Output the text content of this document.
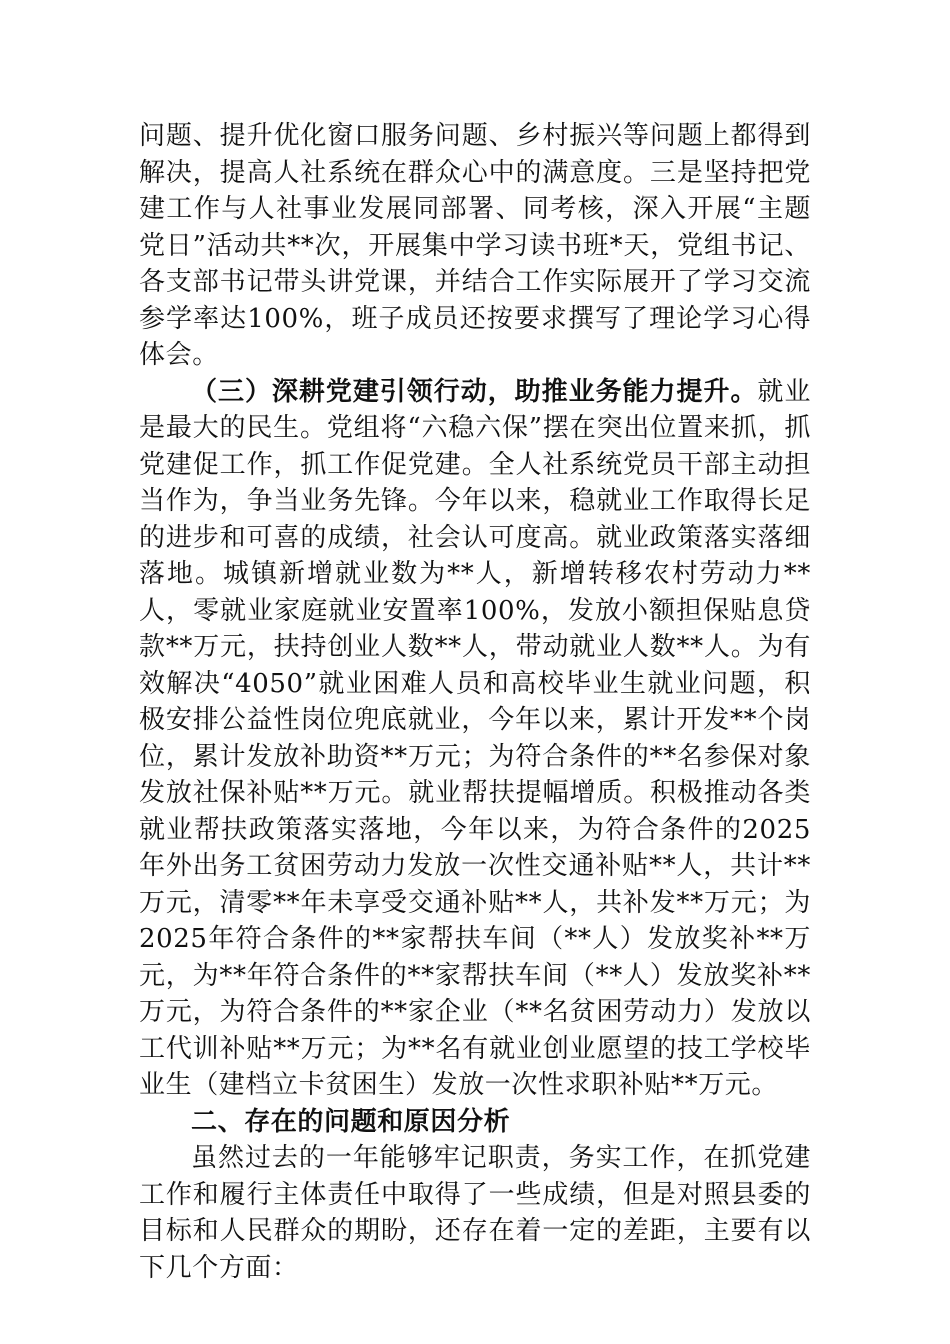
问题、提升优化窗口服务问题、乡村振兴等问题上都得到解决，提高人社系统在群众心中的满意度。三是坚持把党建工作与人社事业发展同部署、同考核，深入开展“主题党日”活动共**次，开展集中学习读书班*天，党组书记、各支部书记带头讲党课，并结合工作实际展开了学习交流参学率达100%，班子成员还按要求撰写了理论学习心得体会。

（三）深耕党建引领行动，助推业务能力提升。就业是最大的民生。党组将“六稳六保”摆在突出位置来抓，抓党建促工作，抓工作促党建。全人社系统党员干部主动担当作为，争当业务先锋。今年以来，稳就业工作取得长足的进步和可喜的成绩，社会认可度高。就业政策落实落细落地。城镇新增就业数为**人，新增转移农村劳动力**人，零就业家庭就业安置率100%，发放小额担保贴息贷款**万元，扶持创业人数**人，带动就业人数**人。为有效解决“4050”就业困难人员和高校毕业生就业问题，积极安排公益性岗位兜底就业，今年以来，累计开发**个岗位，累计发放补助资**万元；为符合条件的**名参保对象发放社保补贴**万元。就业帮扶提幅增质。积极推动各类就业帮扶政策落实落地，今年以来，为符合条件的2025年外出务工贫困劳动力发放一次性交通补贴**人，共计**万元，清零**年未享受交通补贴**人，共补发**万元；为2025年符合条件的**家帮扶车间（**人）发放奖补**万元，为**年符合条件的**家帮扶车间（**人）发放奖补**万元，为符合条件的**家企业（**名贫困劳动力）发放以工代训补贴**万元；为**名有就业创业愿望的技工学校毕业生（建档立卡贫困生）发放一次性求职补贴**万元。

二、存在的问题和原因分析

虽然过去的一年能够牢记职责，务实工作，在抓党建工作和履行主体责任中取得了一些成绩，但是对照县委的目标和人民群众的期盼，还存在着一定的差距，主要有以下几个方面：
